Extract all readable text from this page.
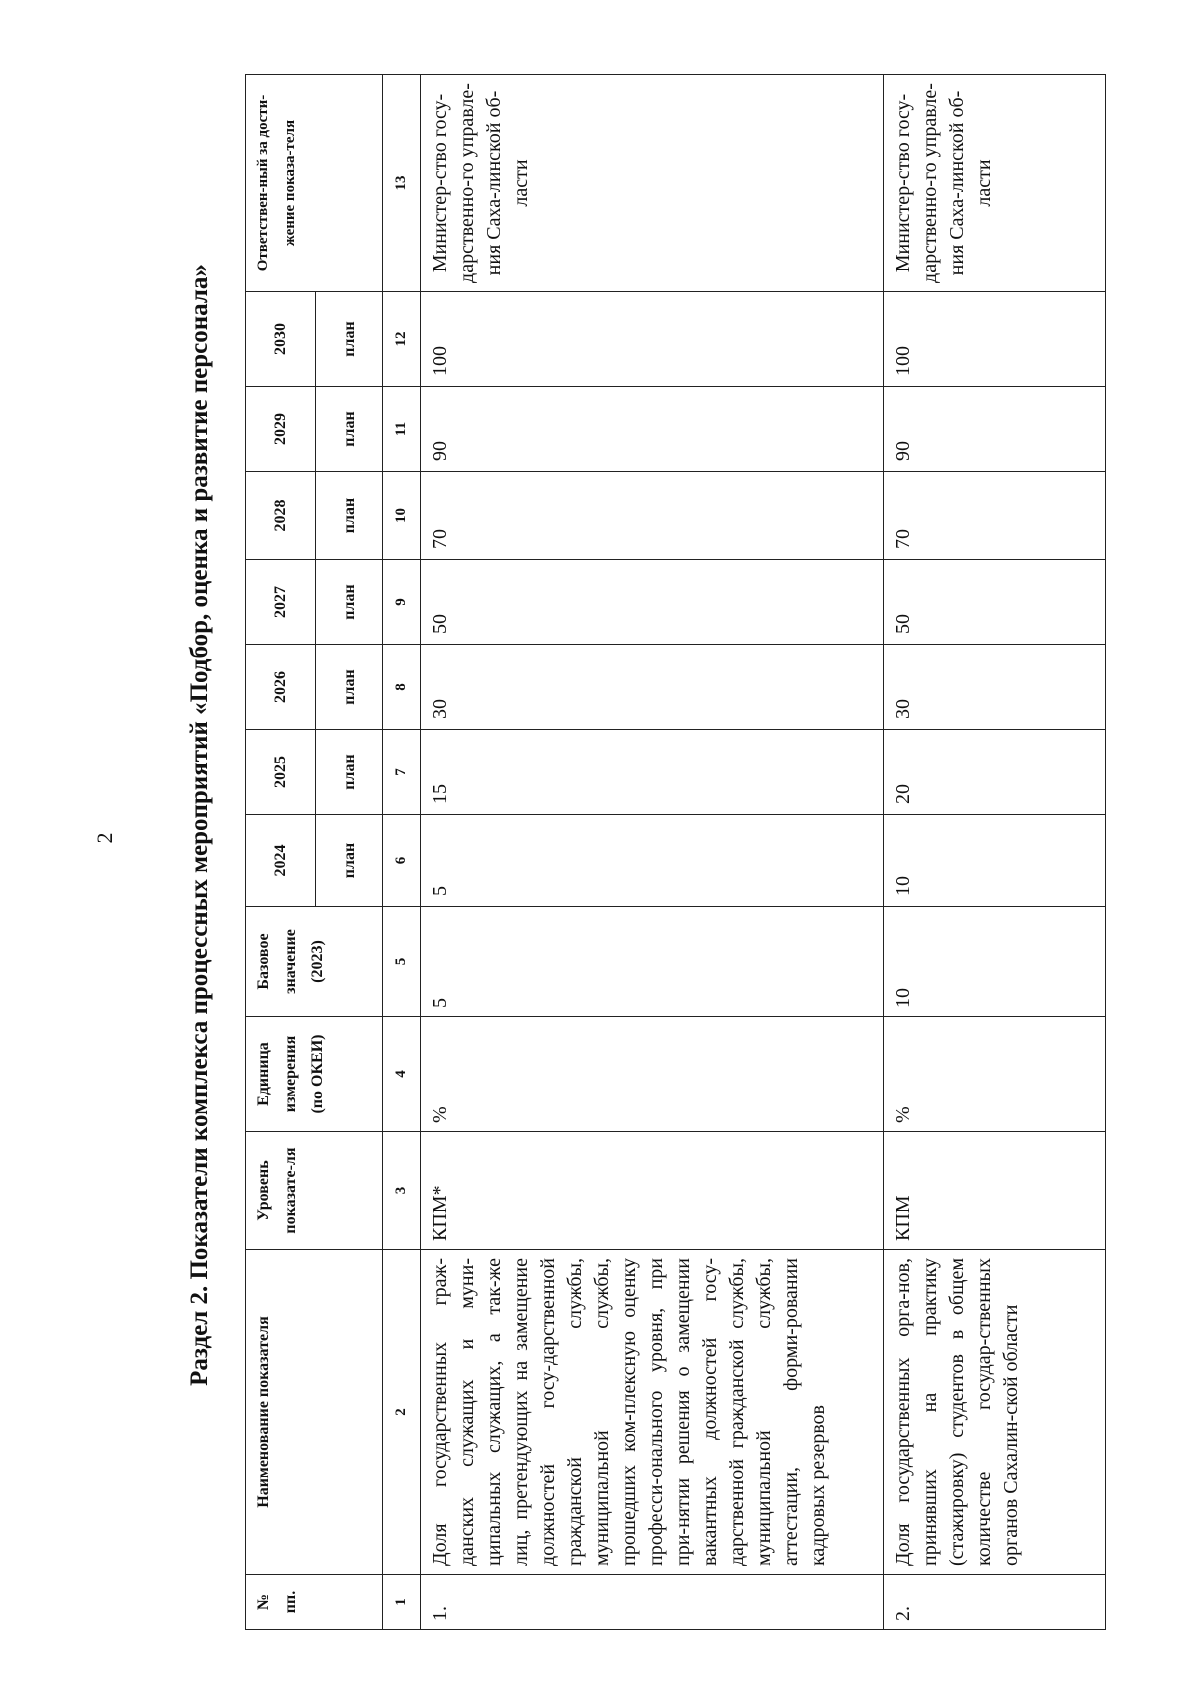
2	Раздел 2. Показатели комплекса процессных мероприятий «Подбор, оценка и развитие персонала»
№ пп.	Наименование показателя	Уровень показате-ля	Единица измерения (по ОКЕИ)	Базовое значение (2023)	2024	2025	2026	2027	2028	2029	2030	Ответствен-ный за дости-жение показа-теля
					план	план	план	план	план	план	план	
1	2	3	4	5	6	7	8	9	10	11	12	13
1.	Доля государственных граж-данских служащих и муни-ципальных служащих, а так-же лиц, претендующих на замещение должностей госу-дарственной гражданской службы, муниципальной службы, прошедших ком-плексную оценку професси-онального уровня, при при-нятии решения о замещении вакантных должностей госу-дарственной гражданской службы, муниципальной службы, аттестации, форми-ровании кадровых резервов	КПМ*	%	5	5	15	30	50	70	90	100	Министер-ство госу-дарственно-го управле-ния Саха-линской об-ласти
2.	Доля государственных орга-нов, принявших на практику (стажировку) студентов в общем количестве государ-ственных органов Сахалин-ской области	КПМ	%	10	10	20	30	50	70	90	100	Министер-ство госу-дарственно-го управле-ния Саха-линской об-ласти
